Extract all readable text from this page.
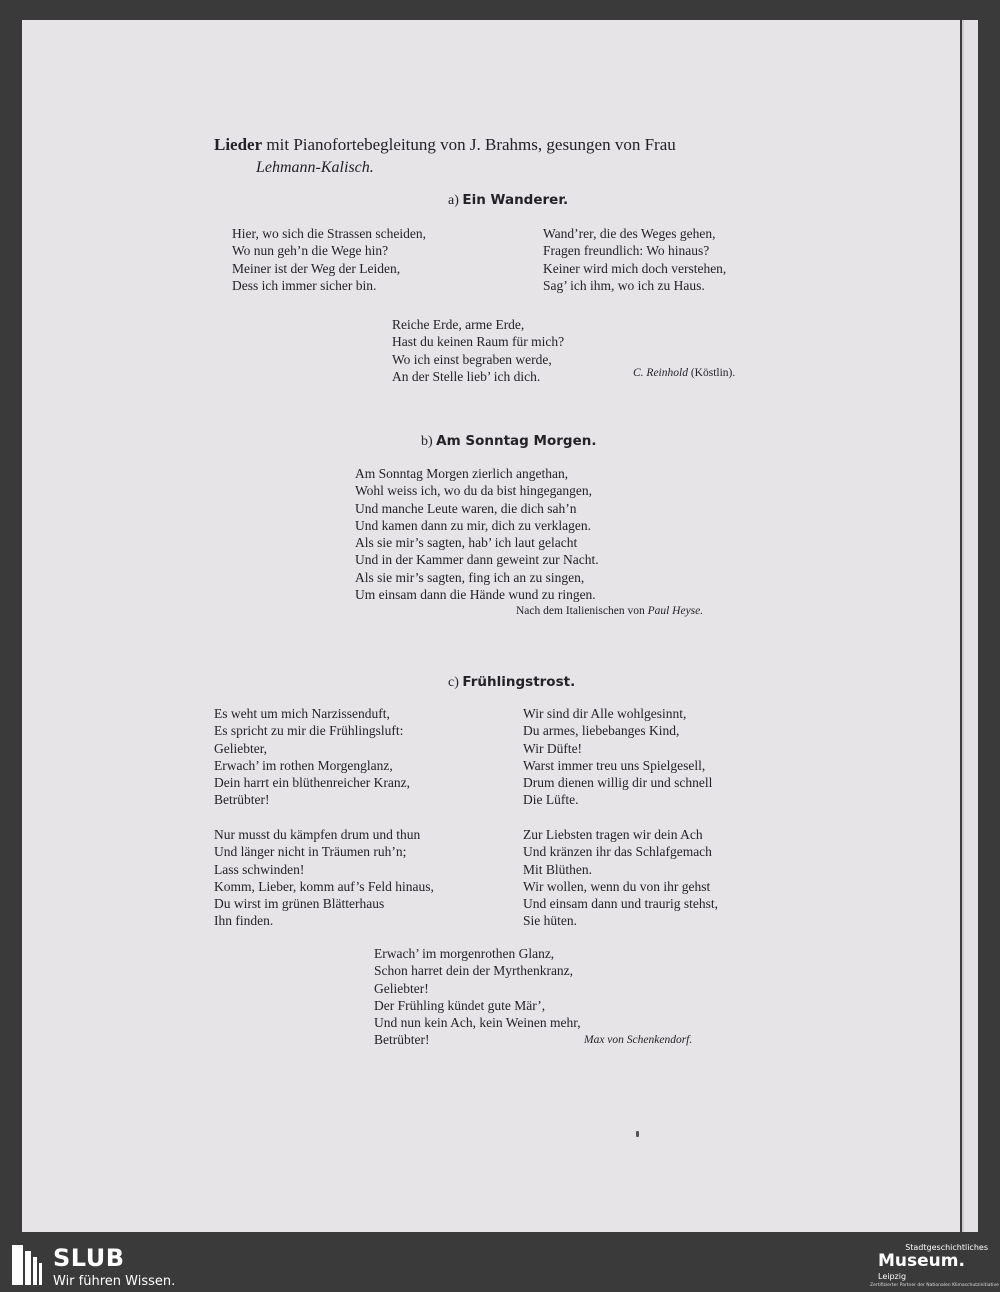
Lieder mit Pianofortebegleitung von J. Brahms, gesungen von Frau
Lehmann-Kalisch.
a) Ein Wanderer.
Hier, wo sich die Strassen scheiden,
Wo nun geh’n die Wege hin?
Meiner ist der Weg der Leiden,
Dess ich immer sicher bin.
Wand’rer, die des Weges gehen,
Fragen freundlich: Wo hinaus?
Keiner wird mich doch verstehen,
Sag’ ich ihm, wo ich zu Haus.
Reiche Erde, arme Erde,
Hast du keinen Raum für mich?
Wo ich einst begraben werde,
An der Stelle lieb’ ich dich.	C. Reinhold (Köstlin).
b) Am Sonntag Morgen.
Am Sonntag Morgen zierlich angethan,
Wohl weiss ich, wo du da bist hingegangen,
Und manche Leute waren, die dich sah’n
Und kamen dann zu mir, dich zu verklagen.
Als sie mir’s sagten, hab’ ich laut gelacht
Und in der Kammer dann geweint zur Nacht.
Als sie mir’s sagten, fing ich an zu singen,
Um einsam dann die Hände wund zu ringen.
Nach dem Italienischen von Paul Heyse.
c) Frühlingstrost.
Es weht um mich Narzissenduft,
Es spricht zu mir die Frühlingsluft:
Geliebter,
Erwach’ im rothen Morgenglanz,
Dein harrt ein blüthenreicher Kranz,
Betrübter!
Wir sind dir Alle wohlgesinnt,
Du armes, liebebanges Kind,
Wir Düfte!
Warst immer treu uns Spielgesell,
Drum dienen willig dir und schnell
Die Lüfte.
Nur musst du kämpfen drum und thun
Und länger nicht in Träumen ruh’n;
Lass schwinden!
Komm, Lieber, komm auf’s Feld hinaus,
Du wirst im grünen Blätterhaus
Ihn finden.
Zur Liebsten tragen wir dein Ach
Und kränzen ihr das Schlafgemach
Mit Blüthen.
Wir wollen, wenn du von ihr gehst
Und einsam dann und traurig stehst,
Sie hüten.
Erwach’ im morgenrothen Glanz,
Schon harret dein der Myrthenkranz,
Geliebter!
Der Frühling kündet gute Mär’,
Und nun kein Ach, kein Weinen mehr,
Betrübter!	Max von Schenkendorf.
SLUB
Wir führen Wissen.
Stadtgeschichtliches
Museum.
Leipzig
Zertifizierter Partner der Nationalen Klimaschutzinitiative
